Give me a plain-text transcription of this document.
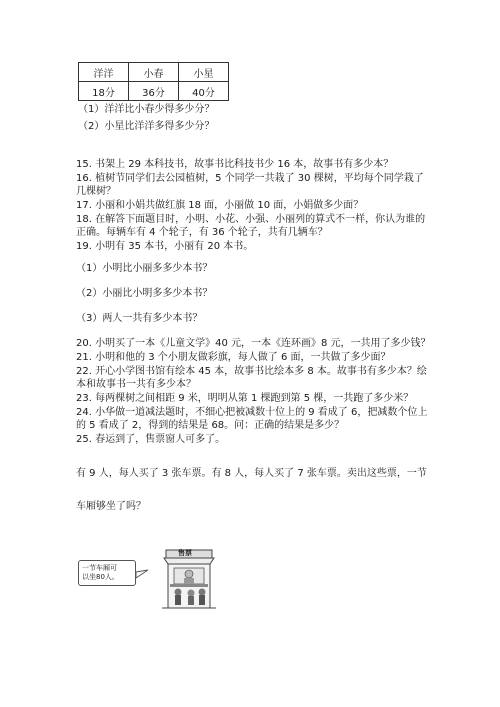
洋洋	小春	小星
18分	36分	40分
（1）洋洋比小春少得多少分？
（2）小星比洋洋多得多少分？
15. 书架上 29 本科技书，故事书比科技书少 16 本，故事书有多少本？
16. 植树节同学们去公园植树，5 个同学一共栽了 30 棵树，平均每个同学栽了
几棵树？
17. 小丽和小娟共做红旗 18 面，小丽做 10 面，小娟做多少面？
18. 在解答下面题目时，小明、小花、小强、小丽列的算式不一样，你认为谁的
正确。每辆车有 4 个轮子，有 36 个轮子，共有几辆车？
19. 小明有 35 本书，小丽有 20 本书。
（1）小明比小丽多多少本书？
（2）小丽比小明多多少本书？
（3）两人一共有多少本书？
20. 小明买了一本《儿童文学》40 元，一本《连环画》8 元，一共用了多少钱？
21. 小明和他的 3 个小朋友做彩旗，每人做了 6 面，一共做了多少面？
22. 开心小学图书馆有绘本 45 本，故事书比绘本多 8 本。故事书有多少本？绘
本和故事书一共有多少本？
23. 每两棵树之间相距 9 米，明明从第 1 棵跑到第 5 棵，一共跑了多少米？
24. 小华做一道减法题时，不细心把被减数十位上的 9 看成了 6，把减数个位上
的 5 看成了 2，得到的结果是 68。问：正确的结果是多少？
25. 春运到了，售票窗人可多了。
有 9 人，每人买了 3 张车票。有 8 人，每人买了 7 张车票。卖出这些票，一节
车厢够坐了吗？
一节车厢可
以坐80人。
售票
